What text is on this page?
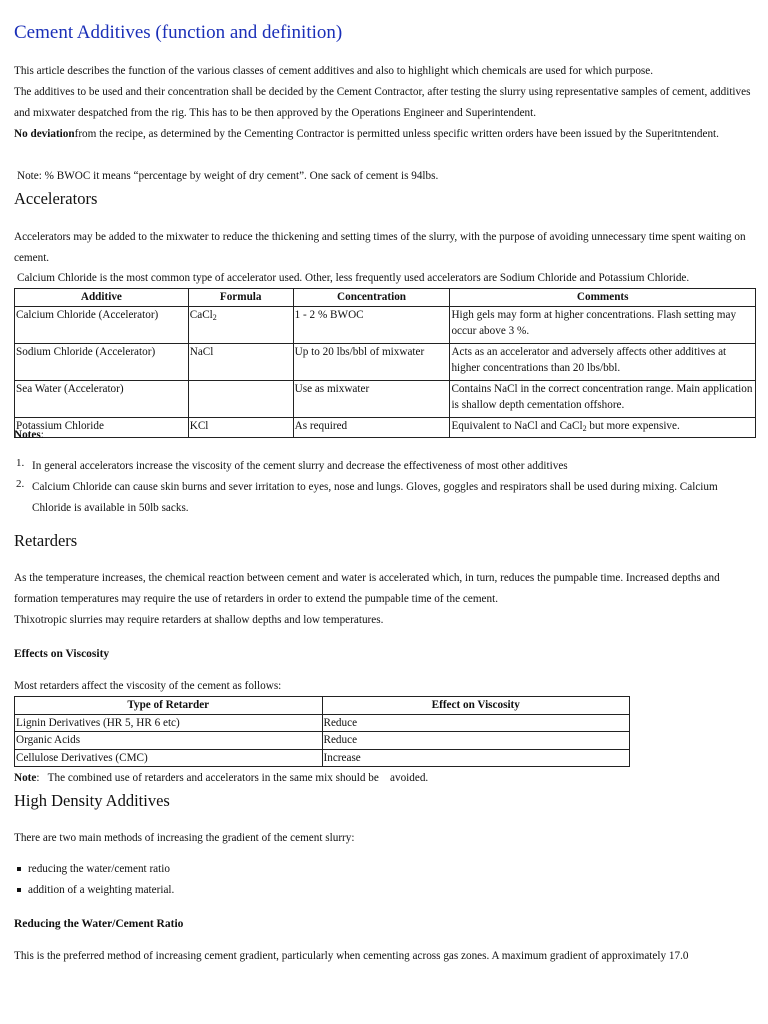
Cement Additives (function and definition)
This article describes the function of the various classes of cement additives and also to highlight which chemicals are used for which purpose.
The additives to be used and their concentration shall be decided by the Cement Contractor, after testing the slurry using representative samples of cement, additives and mixwater despatched from the rig. This has to be then approved by the Operations Engineer and Superintendent.
No deviationfrom the recipe, as determined by the Cementing Contractor is permitted unless specific written orders have been issued by the Superitntendent.
Note: % BWOC it means “percentage by weight of dry cement”. One sack of cement is 94lbs.
Accelerators
Accelerators may be added to the mixwater to reduce the thickening and setting times of the slurry, with the purpose of avoiding unnecessary time spent waiting on cement.
Calcium Chloride is the most common type of accelerator used. Other, less frequently used accelerators are Sodium Chloride and Potassium Chloride.
Additive	Formula	Concentration	Comments
Calcium Chloride (Accelerator)	CaCl$_2$	1 - 2 % BWOC	High gels may form at higher concentrations. Flash setting may occur above 3 %.
Sodium Chloride (Accelerator)	NaCl	Up to 20 lbs/bbl of mixwater	Acts as an accelerator and adversely affects other additives at higher concentrations than 20 lbs/bbl.
Sea Water (Accelerator)		Use as mixwater	Contains NaCl in the correct concentration range. Main application is shallow depth cementation offshore.
Potassium Chloride	KCl	As required	Equivalent to NaCl and CaCl$_2$ but more expensive.
Notes:
1. In general accelerators increase the viscosity of the cement slurry and decrease the effectiveness of most other additives
2. Calcium Chloride can cause skin burns and sever irritation to eyes, nose and lungs. Gloves, goggles and respirators shall be used during mixing. Calcium Chloride is available in 50lb sacks.
Retarders
As the temperature increases, the chemical reaction between cement and water is accelerated which, in turn, reduces the pumpable time. Increased depths and formation temperatures may require the use of retarders in order to extend the pumpable time of the cement.
Thixotropic slurries may require retarders at shallow depths and low temperatures.
Effects on Viscosity
Most retarders affect the viscosity of the cement as follows:
Type of Retarder	Effect on Viscosity
Lignin Derivatives (HR 5, HR 6 etc)	Reduce
Organic Acids	Reduce
Cellulose Derivatives (CMC)	Increase
Note:   The combined use of retarders and accelerators in the same mix should be    avoided.
High Density Additives
There are two main methods of increasing the gradient of the cement slurry:
reducing the water/cement ratio
addition of a weighting material.
Reducing the Water/Cement Ratio
This is the preferred method of increasing cement gradient, particularly when cementing across gas zones. A maximum gradient of approximately 17.0
